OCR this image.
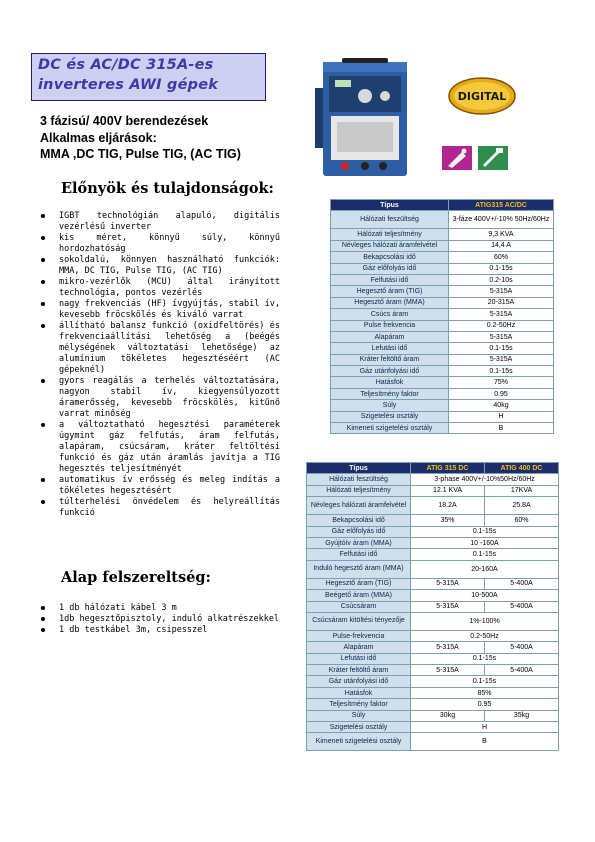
DC és AC/DC 315A-es
inverteres AWI gépek
DIGITAL
3 fázisú/ 400V berendezések
Alkalmas eljárások:
MMA ,DC TIG, Pulse TIG, (AC TIG)
Előnyök és tulajdonságok:
IGBT technológián alapuló, digitális vezérlésű inverter
kis méret, könnyű súly, könnyű hordozhatóság
sokoldalú, könnyen használható funkciók: MMA, DC TIG, Pulse TIG, (AC TIG)
mikro-vezérlők (MCU) által irányított technológia, pontos vezérlés
nagy frekvenciás (HF) ívgyújtás, stabil ív, kevesebb fröcskölés és kiváló varrat
állítható balansz funkció (oxidfeltörés) és frekvenciaállítási lehetőség a (beégés mélységének változtatási lehetősége) az alumínium tökéletes hegesztéséért (AC gépeknél)
gyors reagálás a terhelés változtatására, nagyon stabil ív, kiegyensúlyozott áramerősség, kevesebb fröcskölés, kitűnő varrat minőség
a változtatható hegesztési paraméterek úgymint gáz felfutás, áram felfutás, alapáram, csúcsáram, kráter feltöltési funkció és gáz után áramlás javítja a TIG hegesztés teljesítményét
automatikus ív erősség és meleg indítás a tökéletes hegesztésért
túlterhelési önvédelem és helyreállítás funkció
Alap felszereltség:
1 db hálózati kábel 3 m
1db hegesztőpisztoly, induló alkatrészekkel
1 db testkábel 3m, csipesszel
Típus	ATIG315 AC/DC
Hálózati feszültség	3-fáze 400V+/-10% 50Hz/60Hz
Hálózati teljesítmény	9,3 KVA
Névleges hálózati áramfelvétel	14,4 A
Bekapcsolási idő	60%
Gáz előfolyás idő	0.1-15s
Felfutási idő	0.2-10s
Hegesztő áram (TIG)	5-315A
Hegesztő áram (MMA)	20-315A
Csúcs áram	5-315A
Pulse frekvencia	0.2-50Hz
Alapáram	5-315A
Lefutási idő	0.1-15s
Kráter feltöltő áram	5-315A
Gáz utánfolyási idő	0.1-15s
Hatásfok	75%
Teljesítmény faktor	0.95
Súly	40kg
Szigetelési osztály	H
Kimeneti szigetelési osztály	B
Típus	ATIG 315 DC	ATIG 400 DC
Hálózati feszültség	3-phase 400V+/-10%50Hz/60Hz	
Hálózati teljesítmény	12.1 KVA	17KVA
Névleges hálózati áramfelvétel	18.2A	25.8A
Bekapcsolási idő	35%	60%
Gáz előfolyás idő	0.1-15s	
Gyújtóív áram (MMA)	10 -160A	
Felfutási idő	0.1-15s	
Induló hegesztő áram (MMA)	20-160A	
Hegesztő áram (TIG)	5-315A	5-400A
Beégető áram (MMA)	10-500A	
Csúcsáram	5-315A	5-400A
Csúcsáram kitöltési tényezője	1%-100%	
Pulse-frekvencia	0.2-50Hz	
Alapáram	5-315A	5-400A
Lefutási idő	0.1-15s	
Kráter feltöltő áram	5-315A	5-400A
Gáz utánfolyási idő	0.1-15s	
Hatásfok	85%	
Teljesítmény faktor	0.95	
Súly	30kg	35kg
Szigetelési osztály	H	
Kimeneti szigetelési osztály	B	
